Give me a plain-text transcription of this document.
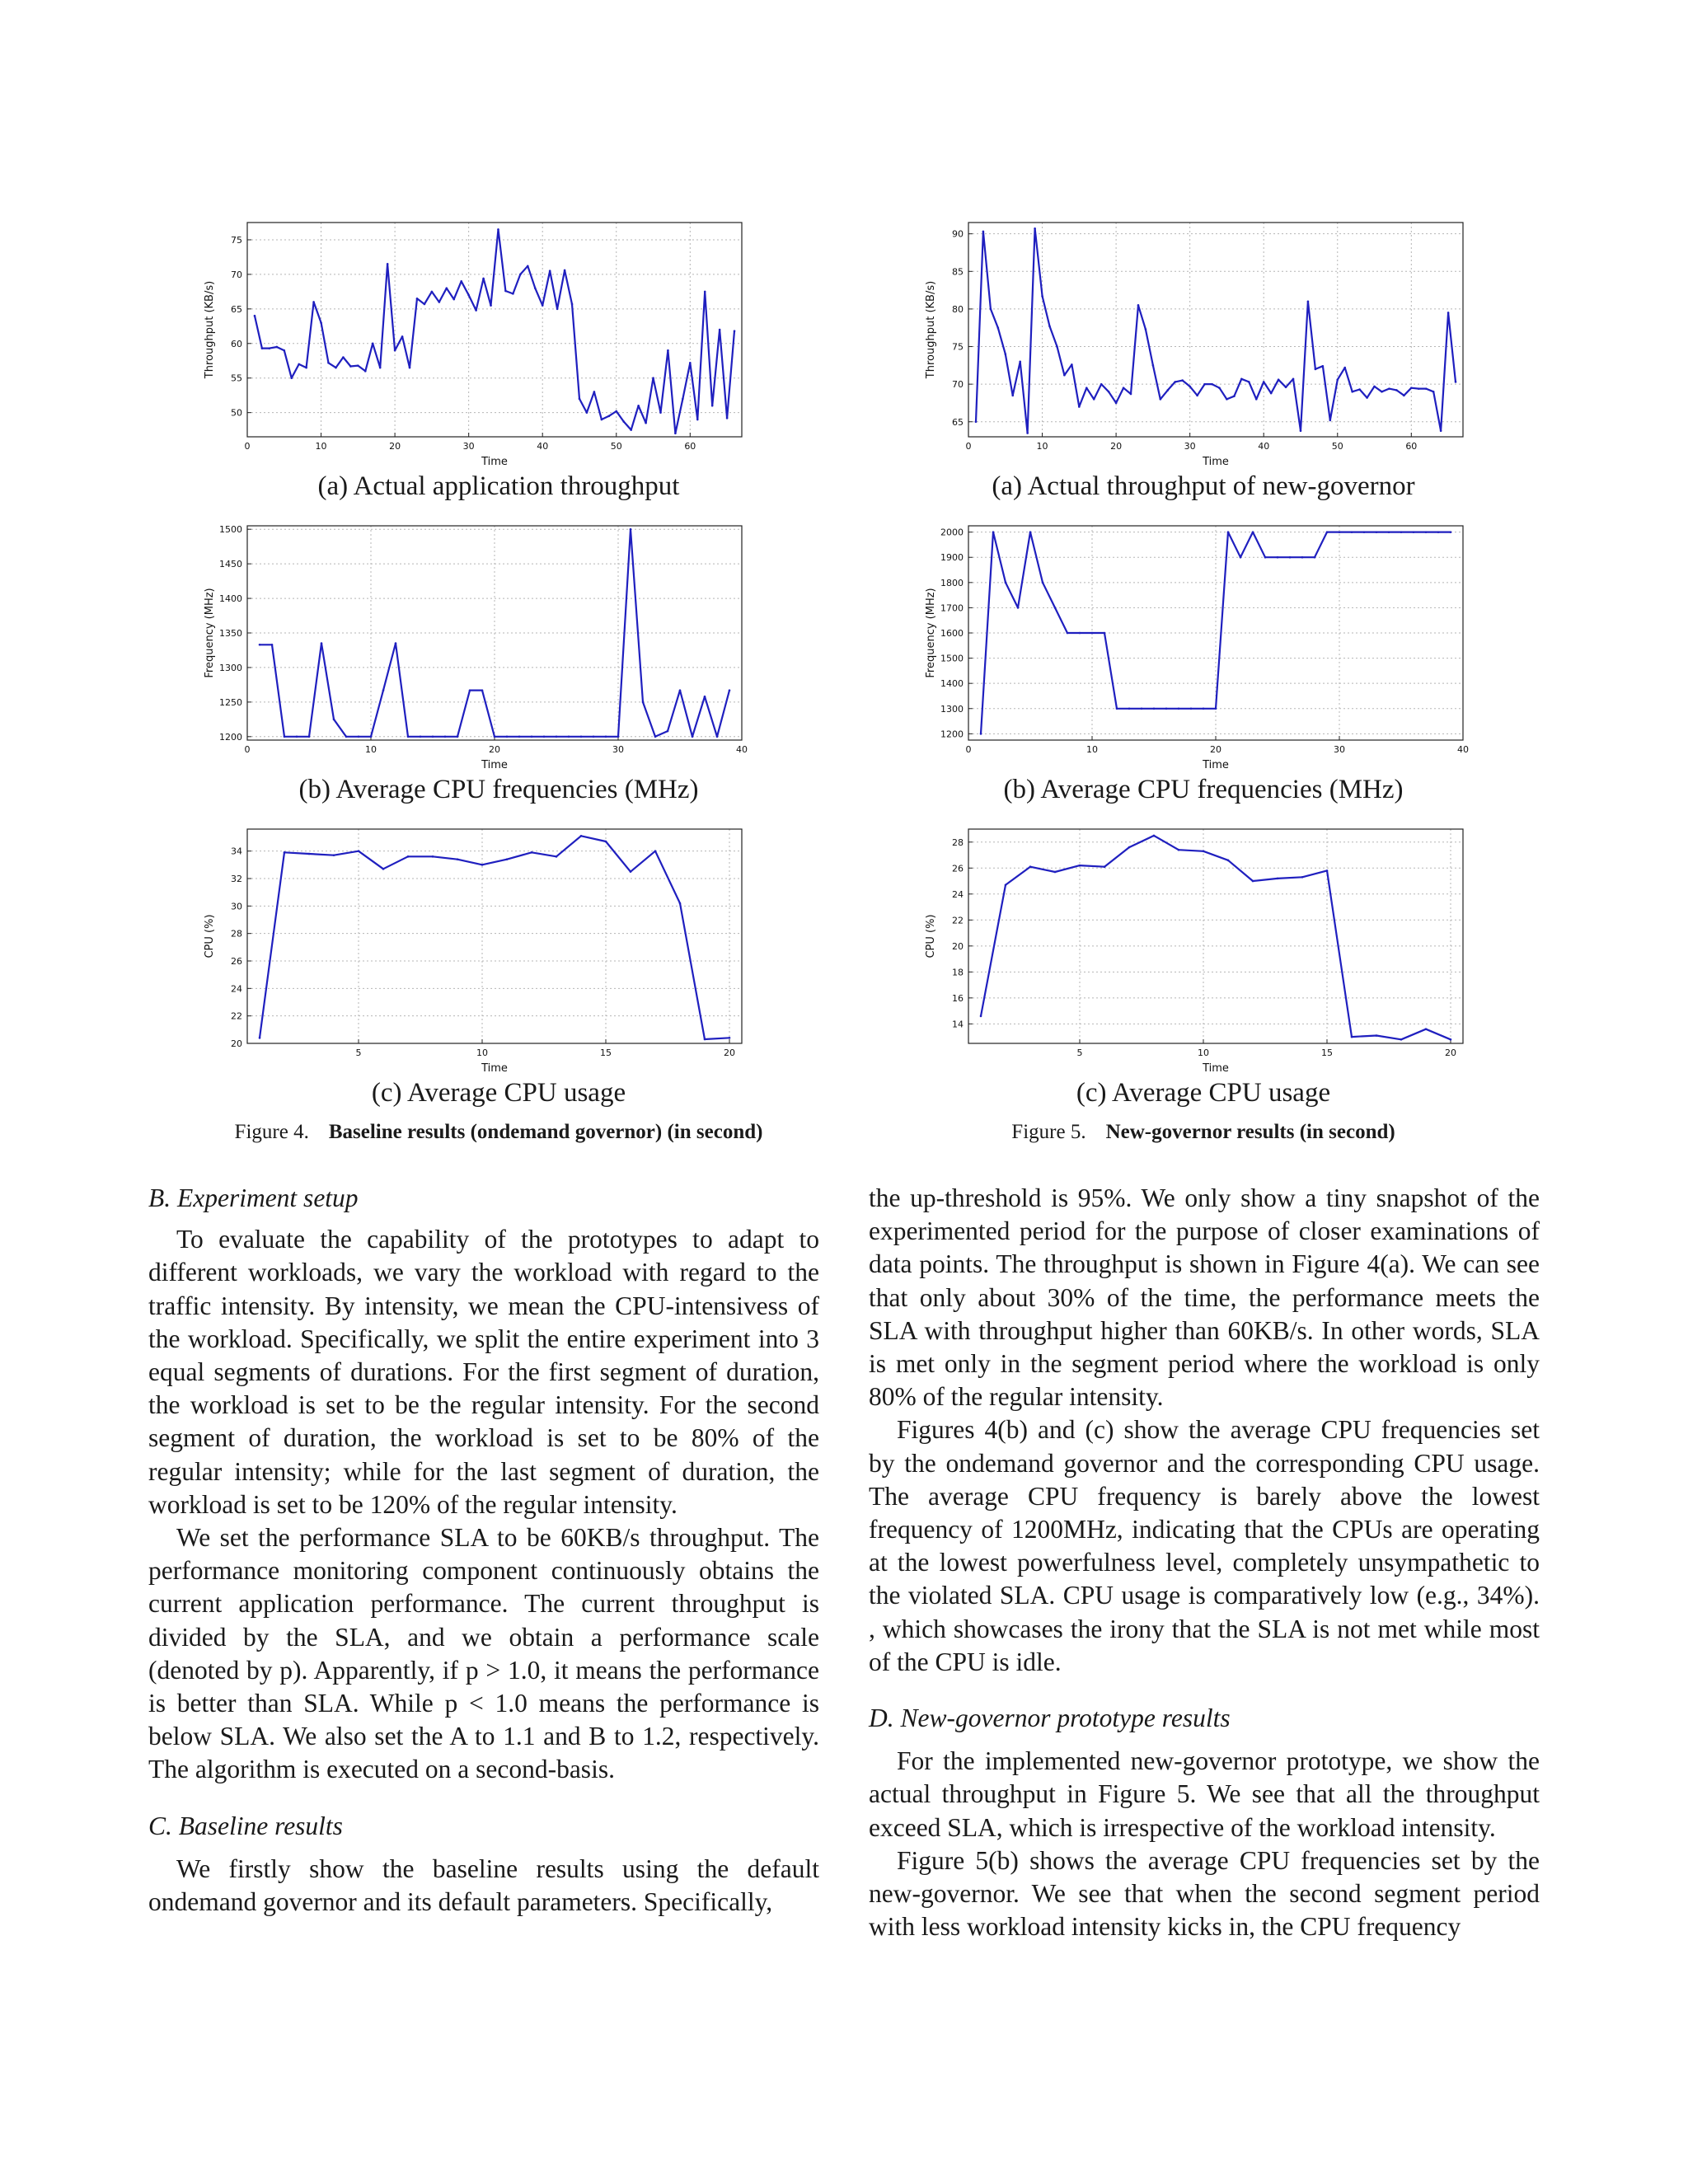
50
55
60
65
70
75
0	10	20	30	40	50	60
Time
Throughput (KB/s)
(a) Actual application throughput
1200
1250
1300
1350
1400
1450
1500
0	10	20	30	40
Time
Frequency (MHz)
(b) Average CPU frequencies (MHz)
20
22
24
26
28
30
32
34
5	10	15	20
Time
CPU (%)
(c) Average CPU usage
Figure 4. Baseline results (ondemand governor) (in second)
65
70
75
80
85
90
0	10	20	30	40	50	60
Time
Throughput (KB/s)
(a) Actual throughput of new-governor
1200
1300
1400
1500
1600
1700
1800
1900
2000
0	10	20	30	40
Time
Frequency (MHz)
(b) Average CPU frequencies (MHz)
14
16
18
20
22
24
26
28
5	10	15	20
Time
CPU (%)
(c) Average CPU usage
Figure 5. New-governor results (in second)

B. Experiment setup

To evaluate the capability of the prototypes to adapt to different workloads, we vary the workload with regard to the traffic intensity. By intensity, we mean the CPU-intensivess of the workload. Specifically, we split the entire experiment into 3 equal segments of durations. For the first segment of duration, the workload is set to be the regular intensity. For the second segment of duration, the workload is set to be 80% of the regular intensity; while for the last segment of duration, the workload is set to be 120% of the regular intensity.

We set the performance SLA to be 60KB/s throughput. The performance monitoring component continuously obtains the current application performance. The current throughput is divided by the SLA, and we obtain a performance scale (denoted by p). Apparently, if p > 1.0, it means the performance is better than SLA. While p < 1.0 means the performance is below SLA. We also set the A to 1.1 and B to 1.2, respectively. The algorithm is executed on a second-basis.

C. Baseline results

We firstly show the baseline results using the default ondemand governor and its default parameters. Specifically,

the up-threshold is 95%. We only show a tiny snapshot of the experimented period for the purpose of closer examinations of data points. The throughput is shown in Figure 4(a). We can see that only about 30% of the time, the performance meets the SLA with throughput higher than 60KB/s. In other words, SLA is met only in the segment period where the workload is only 80% of the regular intensity.

Figures 4(b) and (c) show the average CPU frequencies set by the ondemand governor and the corresponding CPU usage. The average CPU frequency is barely above the lowest frequency of 1200MHz, indicating that the CPUs are operating at the lowest powerfulness level, completely unsympathetic to the violated SLA. CPU usage is comparatively low (e.g., 34%). , which showcases the irony that the SLA is not met while most of the CPU is idle.

D. New-governor prototype results

For the implemented new-governor prototype, we show the actual throughput in Figure 5. We see that all the throughput exceed SLA, which is irrespective of the workload intensity.

Figure 5(b) shows the average CPU frequencies set by the new-governor. We see that when the second segment period with less workload intensity kicks in, the CPU frequency
